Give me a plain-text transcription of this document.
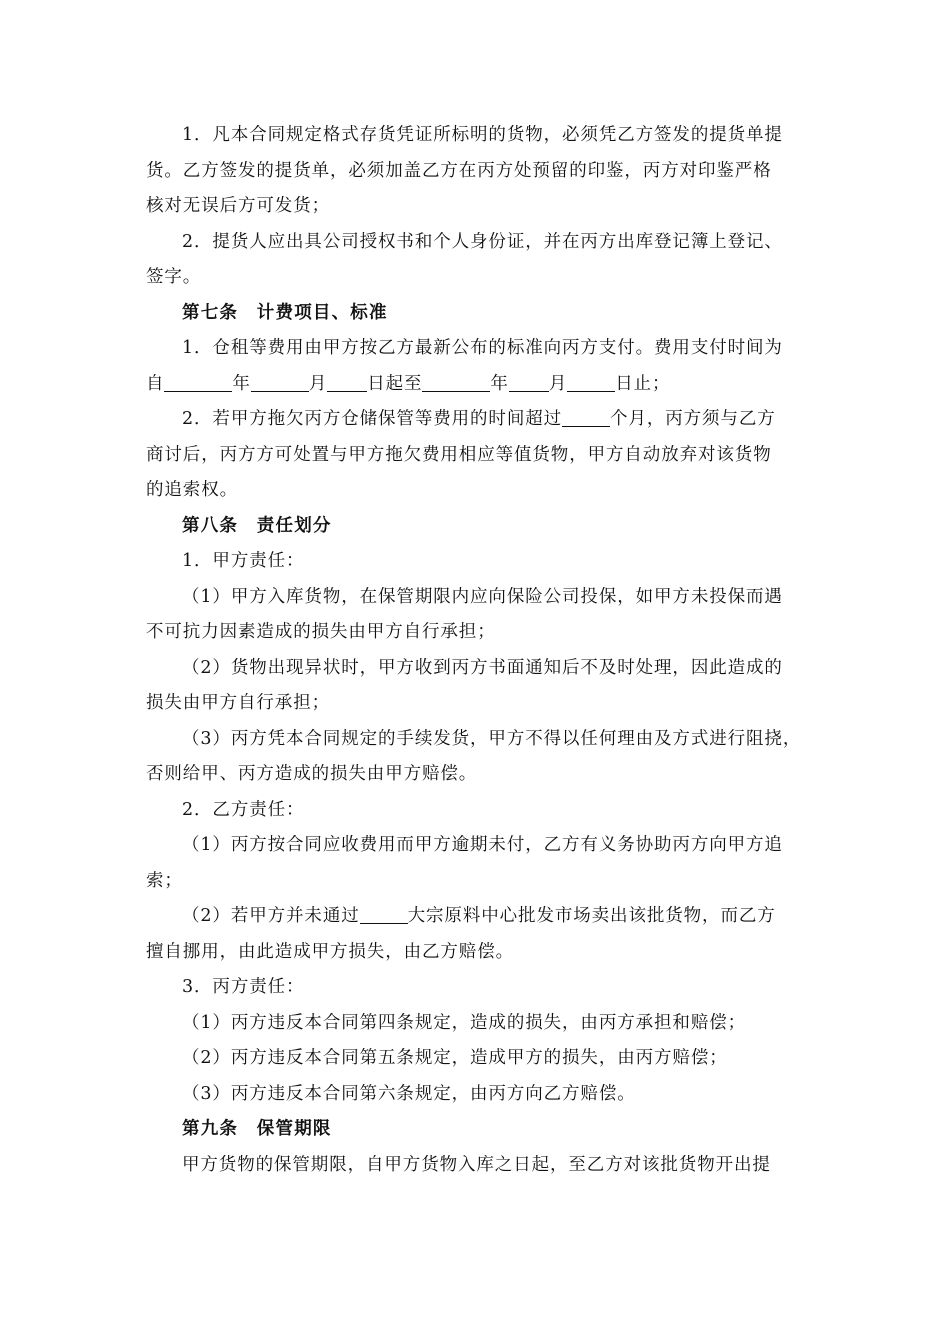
1．凡本合同规定格式存货凭证所标明的货物，必须凭乙方签发的提货单提
货。乙方签发的提货单，必须加盖乙方在丙方处预留的印鉴，丙方对印鉴严格
核对无误后方可发货；
2．提货人应出具公司授权书和个人身份证，并在丙方出库登记簿上登记、
签字。
第七条　计费项目、标准
1．仓租等费用由甲方按乙方最新公布的标准向丙方支付。费用支付时间为
自	年	月 日起至	年 月	日止；
2．若甲方拖欠丙方仓储保管等费用的时间超过	个月，丙方须与乙方
商讨后，丙方方可处置与甲方拖欠费用相应等值货物，甲方自动放弃对该货物
的追索权。
第八条　责任划分
1．甲方责任：
（1）甲方入库货物，在保管期限内应向保险公司投保，如甲方未投保而遇
不可抗力因素造成的损失由甲方自行承担；
（2）货物出现异状时，甲方收到丙方书面通知后不及时处理，因此造成的
损失由甲方自行承担；
（3）丙方凭本合同规定的手续发货，甲方不得以任何理由及方式进行阻挠，
否则给甲、丙方造成的损失由甲方赔偿。
2．乙方责任：
（1）丙方按合同应收费用而甲方逾期未付，乙方有义务协助丙方向甲方追
索；
（2）若甲方并未通过	大宗原料中心批发市场卖出该批货物，而乙方
擅自挪用，由此造成甲方损失，由乙方赔偿。
3．丙方责任：
（1）丙方违反本合同第四条规定，造成的损失，由丙方承担和赔偿；
（2）丙方违反本合同第五条规定，造成甲方的损失，由丙方赔偿；
（3）丙方违反本合同第六条规定，由丙方向乙方赔偿。
第九条　保管期限
甲方货物的保管期限，自甲方货物入库之日起，至乙方对该批货物开出提
